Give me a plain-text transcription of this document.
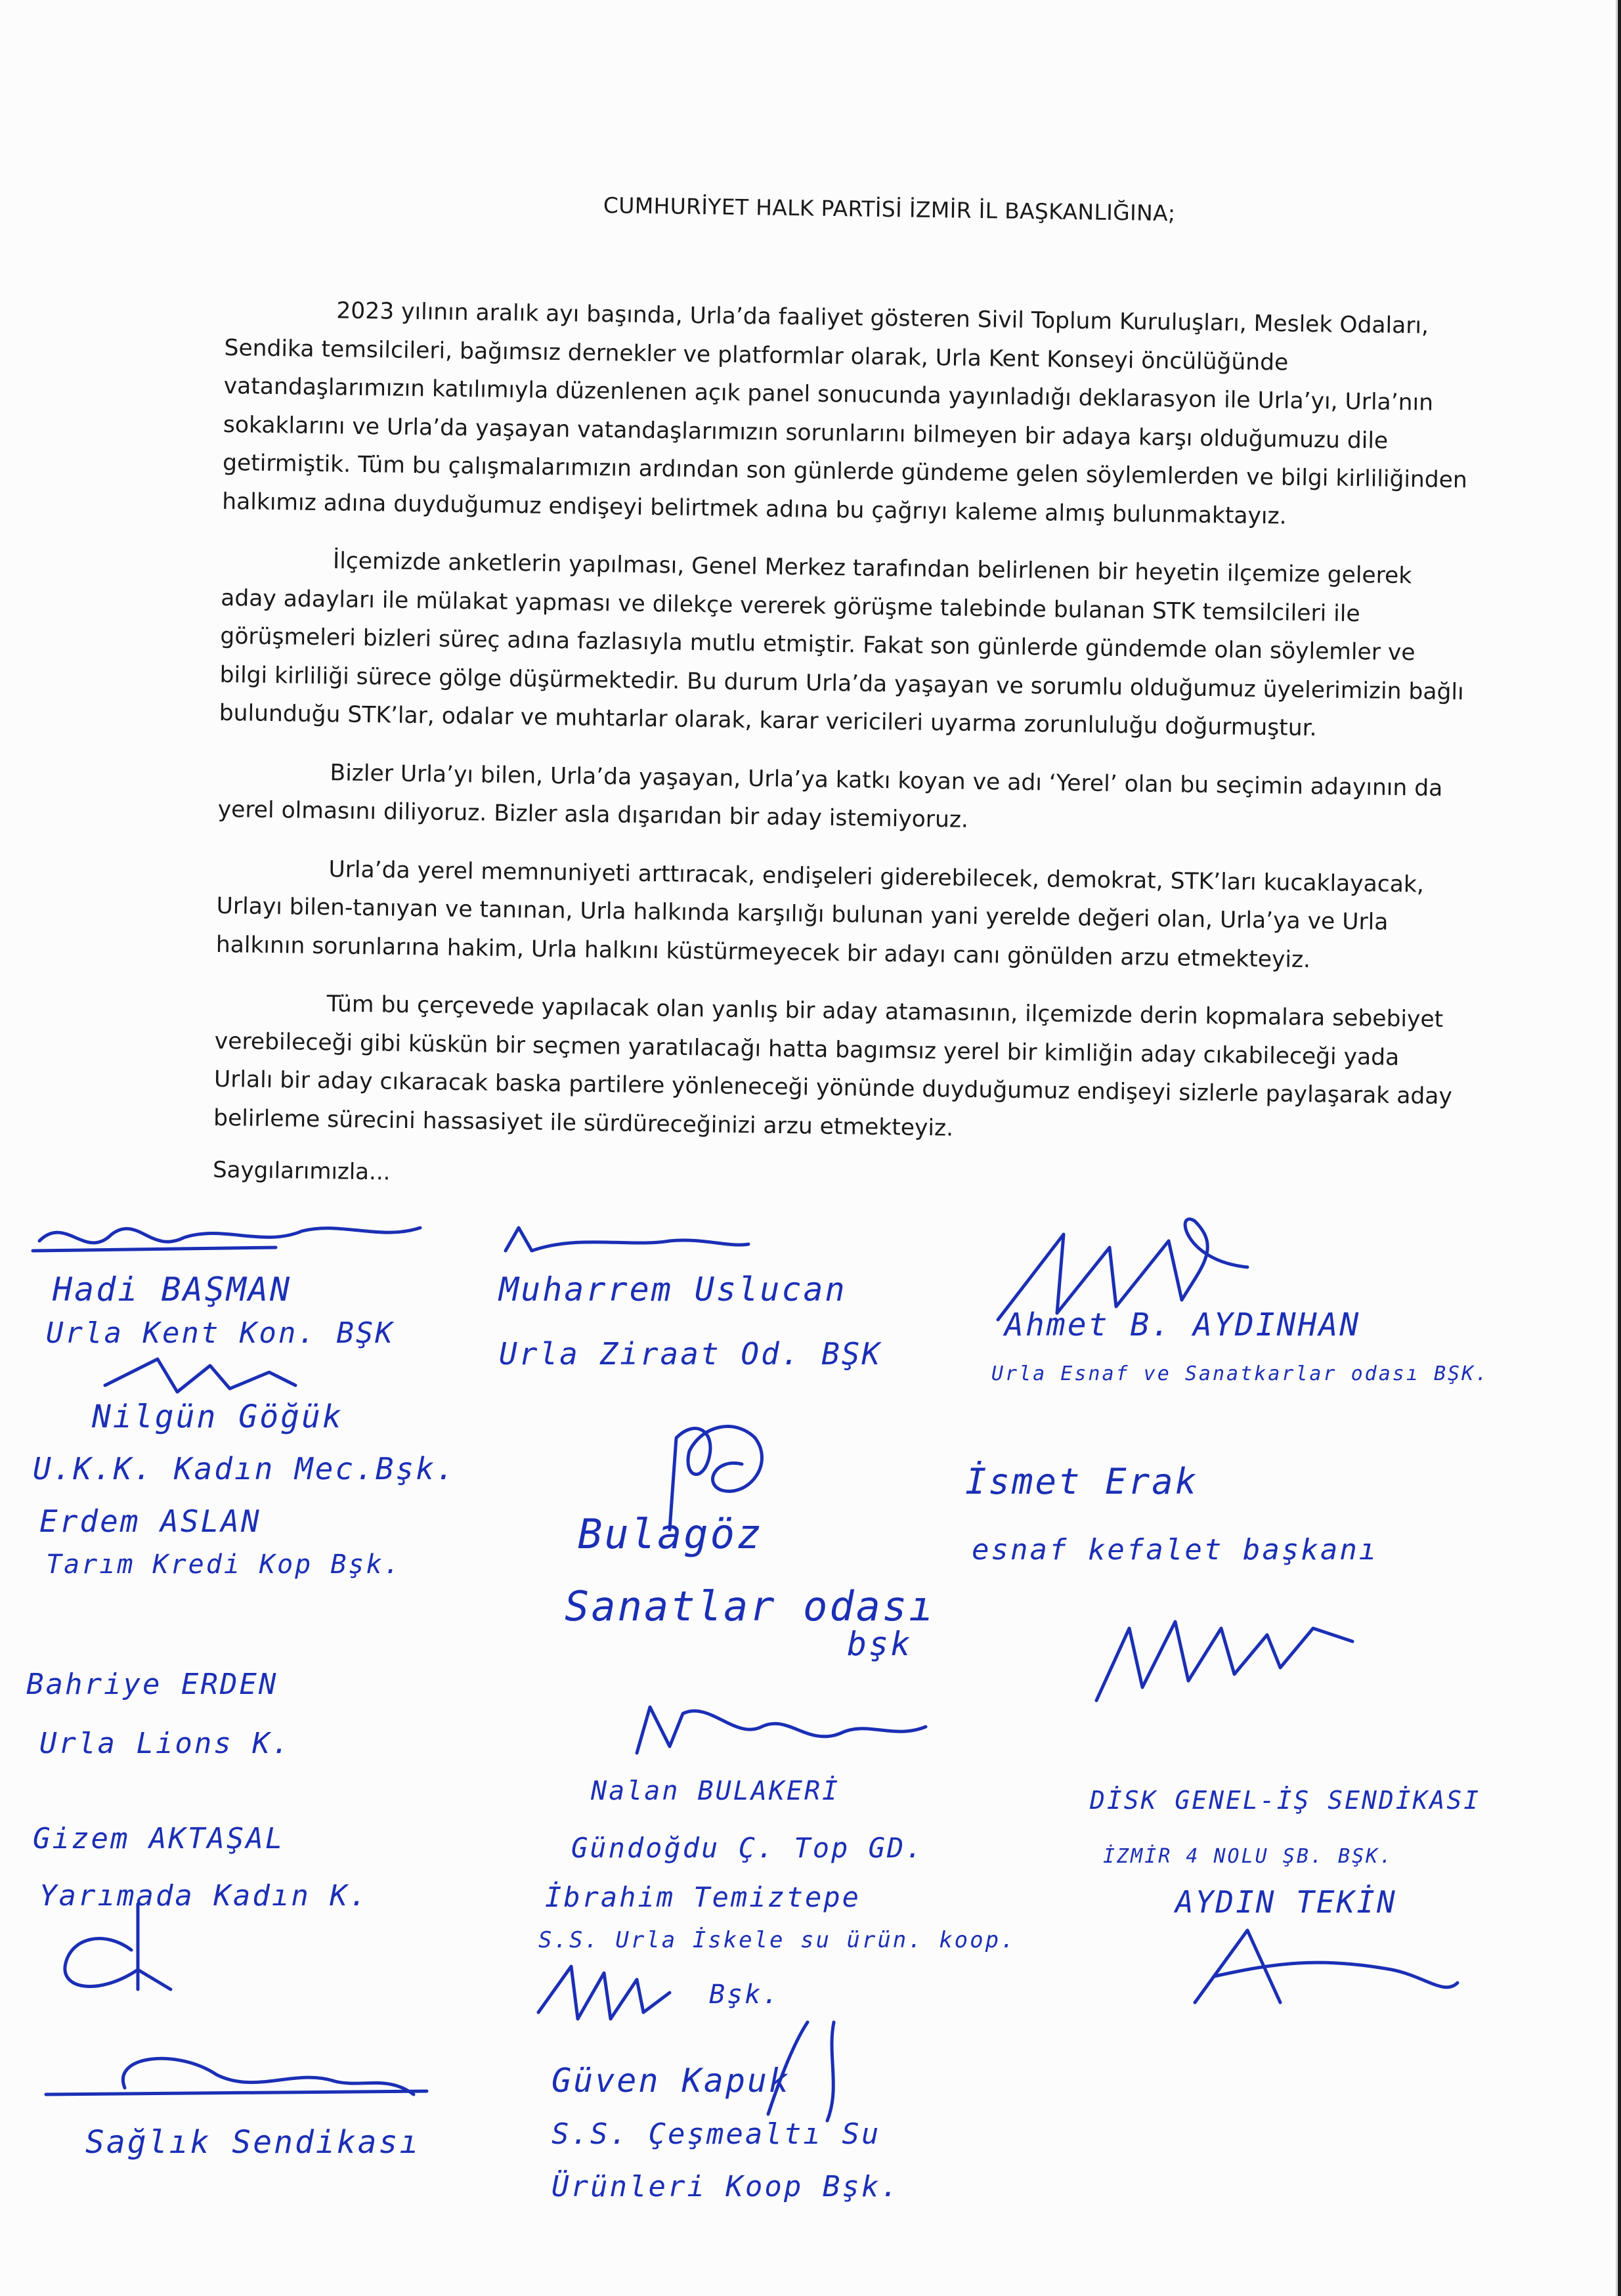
CUMHURİYET HALK PARTİSİ İZMİR İL BAŞKANLIĞINA;

2023 yılının aralık ayı başında, Urla’da faaliyet gösteren Sivil Toplum Kuruluşları, Meslek Odaları, Sendika temsilcileri, bağımsız dernekler ve platformlar olarak, Urla Kent Konseyi öncülüğünde vatandaşlarımızın katılımıyla düzenlenen açık panel sonucunda yayınladığı deklarasyon ile Urla’yı, Urla’nın sokaklarını ve Urla’da yaşayan vatandaşlarımızın sorunlarını bilmeyen bir adaya karşı olduğumuzu dile getirmiştik. Tüm bu çalışmalarımızın ardından son günlerde gündeme gelen söylemlerden ve bilgi kirliliğinden halkımız adına duyduğumuz endişeyi belirtmek adına bu çağrıyı kaleme almış bulunmaktayız.

İlçemizde anketlerin yapılması, Genel Merkez tarafından belirlenen bir heyetin ilçemize gelerek aday adayları ile mülakat yapması ve dilekçe vererek görüşme talebinde bulanan STK temsilcileri ile görüşmeleri bizleri süreç adına fazlasıyla mutlu etmiştir. Fakat son günlerde gündemde olan söylemler ve bilgi kirliliği sürece gölge düşürmektedir. Bu durum Urla’da yaşayan ve sorumlu olduğumuz üyelerimizin bağlı bulunduğu STK’lar, odalar ve muhtarlar olarak, karar vericileri uyarma zorunluluğu doğurmuştur.

Bizler Urla’yı bilen, Urla’da yaşayan, Urla’ya katkı koyan ve adı ‘Yerel’ olan bu seçimin adayının da yerel olmasını diliyoruz. Bizler asla dışarıdan bir aday istemiyoruz.

Urla’da yerel memnuniyeti arttıracak, endişeleri giderebilecek, demokrat, STK’ları kucaklayacak, Urlayı bilen-tanıyan ve tanınan, Urla halkında karşılığı bulunan yani yerelde değeri olan, Urla’ya ve Urla halkının sorunlarına hakim, Urla halkını küstürmeyecek bir adayı canı gönülden arzu etmekteyiz.

Tüm bu çerçevede yapılacak olan yanlış bir aday atamasının, ilçemizde derin kopmalara sebebiyet verebileceği gibi küskün bir seçmen yaratılacağı hatta bagımsız yerel bir kimliğin aday cıkabileceği yada Urlalı bir aday cıkaracak baska partilere yönleneceği yönünde duyduğumuz endişeyi sizlerle paylaşarak aday belirleme sürecini hassasiyet ile sürdüreceğinizi arzu etmekteyiz.

Saygılarımızla...
Hadi BAŞMAN
Urla Kent Kon. BŞK
Nilgün Göğük
U.K.K. Kadın Mec.Bşk.
Erdem ASLAN
Tarım Kredi Kop Bşk.
Bahriye ERDEN
Urla Lions K.
Gizem AKTAŞAL
Yarımada Kadın K.
Sağlık Sendikası
Muharrem Uslucan
Urla Ziraat Od. BŞK
Bulagöz
Sanatlar odası
bşk
Nalan BULAKERİ
Gündoğdu Ç. Top GD.
İbrahim Temiztepe
S.S. Urla İskele su ürün. koop.
Bşk.
Güven Kapuk
S.S. Çeşmealtı Su
Ürünleri Koop Bşk.
Ahmet B. AYDINHAN
Urla Esnaf ve Sanatkarlar odası BŞK.
İsmet Erak
esnaf kefalet başkanı
DİSK GENEL-İŞ SENDİKASI
İZMİR 4 NOLU ŞB. BŞK.
AYDIN TEKİN
